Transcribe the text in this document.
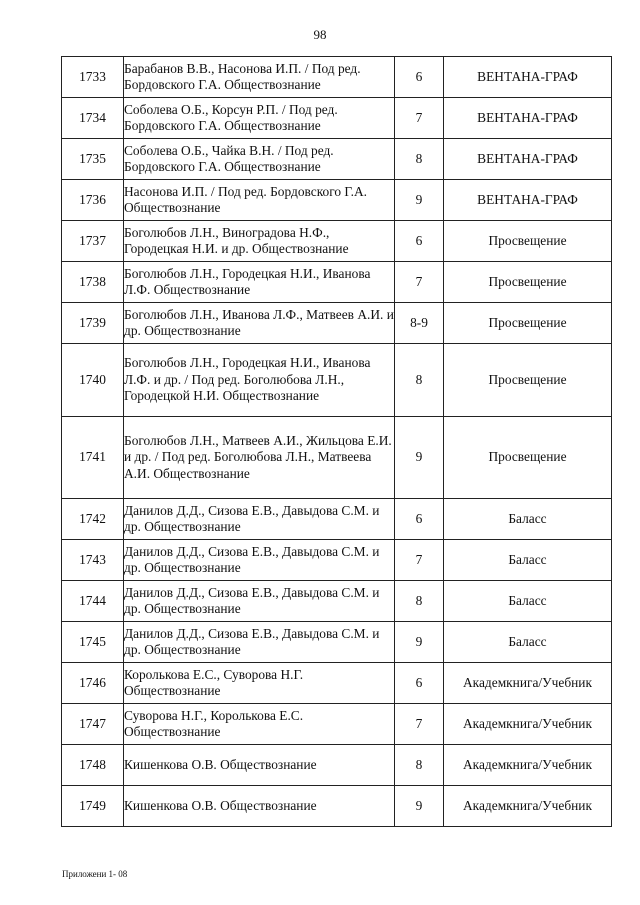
98
1733	Барабанов В.В., Насонова И.П. / Под ред. Бордовского Г.А. Обществознание	6	ВЕНТАНА-ГРАФ
1734	Соболева О.Б., Корсун Р.П. / Под ред. Бордовского Г.А. Обществознание	7	ВЕНТАНА-ГРАФ
1735	Соболева О.Б., Чайка В.Н. / Под ред. Бордовского Г.А. Обществознание	8	ВЕНТАНА-ГРАФ
1736	Насонова И.П. / Под ред. Бордовского Г.А. Обществознание	9	ВЕНТАНА-ГРАФ
1737	Боголюбов Л.Н., Виноградова Н.Ф., Городецкая Н.И. и др. Обществознание	6	Просвещение
1738	Боголюбов Л.Н., Городецкая Н.И., Иванова Л.Ф. Обществознание	7	Просвещение
1739	Боголюбов Л.Н., Иванова Л.Ф., Матвеев А.И. и др. Обществознание	8-9	Просвещение
1740	Боголюбов Л.Н., Городецкая Н.И., Иванова Л.Ф. и др. / Под ред. Боголюбова Л.Н., Городецкой Н.И. Обществознание	8	Просвещение
1741	Боголюбов Л.Н., Матвеев А.И., Жильцова Е.И. и др. / Под ред. Боголюбова Л.Н., Матвеева А.И. Обществознание	9	Просвещение
1742	Данилов Д.Д., Сизова Е.В., Давыдова С.М. и др. Обществознание	6	Баласс
1743	Данилов Д.Д., Сизова Е.В., Давыдова С.М. и др. Обществознание	7	Баласс
1744	Данилов Д.Д., Сизова Е.В., Давыдова С.М. и др. Обществознание	8	Баласс
1745	Данилов Д.Д., Сизова Е.В., Давыдова С.М. и др. Обществознание	9	Баласс
1746	Королькова Е.С., Суворова Н.Г. Обществознание	6	Академкнига/Учебник
1747	Суворова Н.Г., Королькова Е.С. Обществознание	7	Академкнига/Учебник
1748	Кишенкова О.В. Обществознание	8	Академкнига/Учебник
1749	Кишенкова О.В. Обществознание	9	Академкнига/Учебник
Приложени 1- 08
